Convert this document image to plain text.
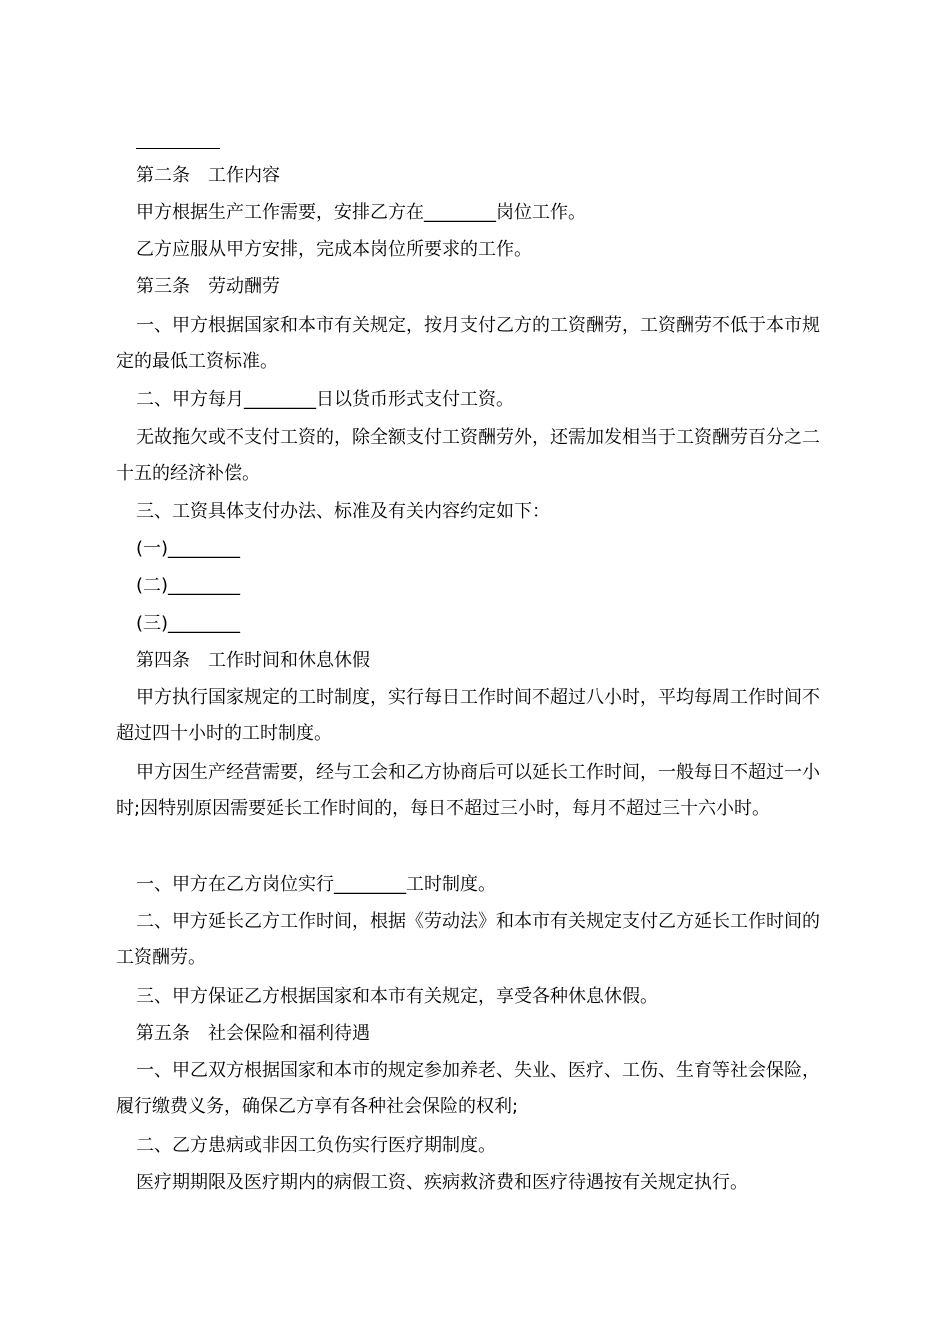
第二条　工作内容
甲方根据生产工作需要，安排乙方在________岗位工作。
乙方应服从甲方安排，完成本岗位所要求的工作。
第三条　劳动酬劳
一、甲方根据国家和本市有关规定，按月支付乙方的工资酬劳，工资酬劳不低于本市规定的最低工资标准。
二、甲方每月________日以货币形式支付工资。
无故拖欠或不支付工资的，除全额支付工资酬劳外，还需加发相当于工资酬劳百分之二十五的经济补偿。
三、工资具体支付办法、标准及有关内容约定如下：
(一)________
(二)________
(三)________
第四条　工作时间和休息休假
甲方执行国家规定的工时制度，实行每日工作时间不超过八小时，平均每周工作时间不超过四十小时的工时制度。
甲方因生产经营需要，经与工会和乙方协商后可以延长工作时间，一般每日不超过一小时;因特别原因需要延长工作时间的，每日不超过三小时，每月不超过三十六小时。
一、甲方在乙方岗位实行________工时制度。
二、甲方延长乙方工作时间，根据《劳动法》和本市有关规定支付乙方延长工作时间的工资酬劳。
三、甲方保证乙方根据国家和本市有关规定，享受各种休息休假。
第五条　社会保险和福利待遇
一、甲乙双方根据国家和本市的规定参加养老、失业、医疗、工伤、生育等社会保险，履行缴费义务，确保乙方享有各种社会保险的权利;
二、乙方患病或非因工负伤实行医疗期制度。
医疗期期限及医疗期内的病假工资、疾病救济费和医疗待遇按有关规定执行。
________
